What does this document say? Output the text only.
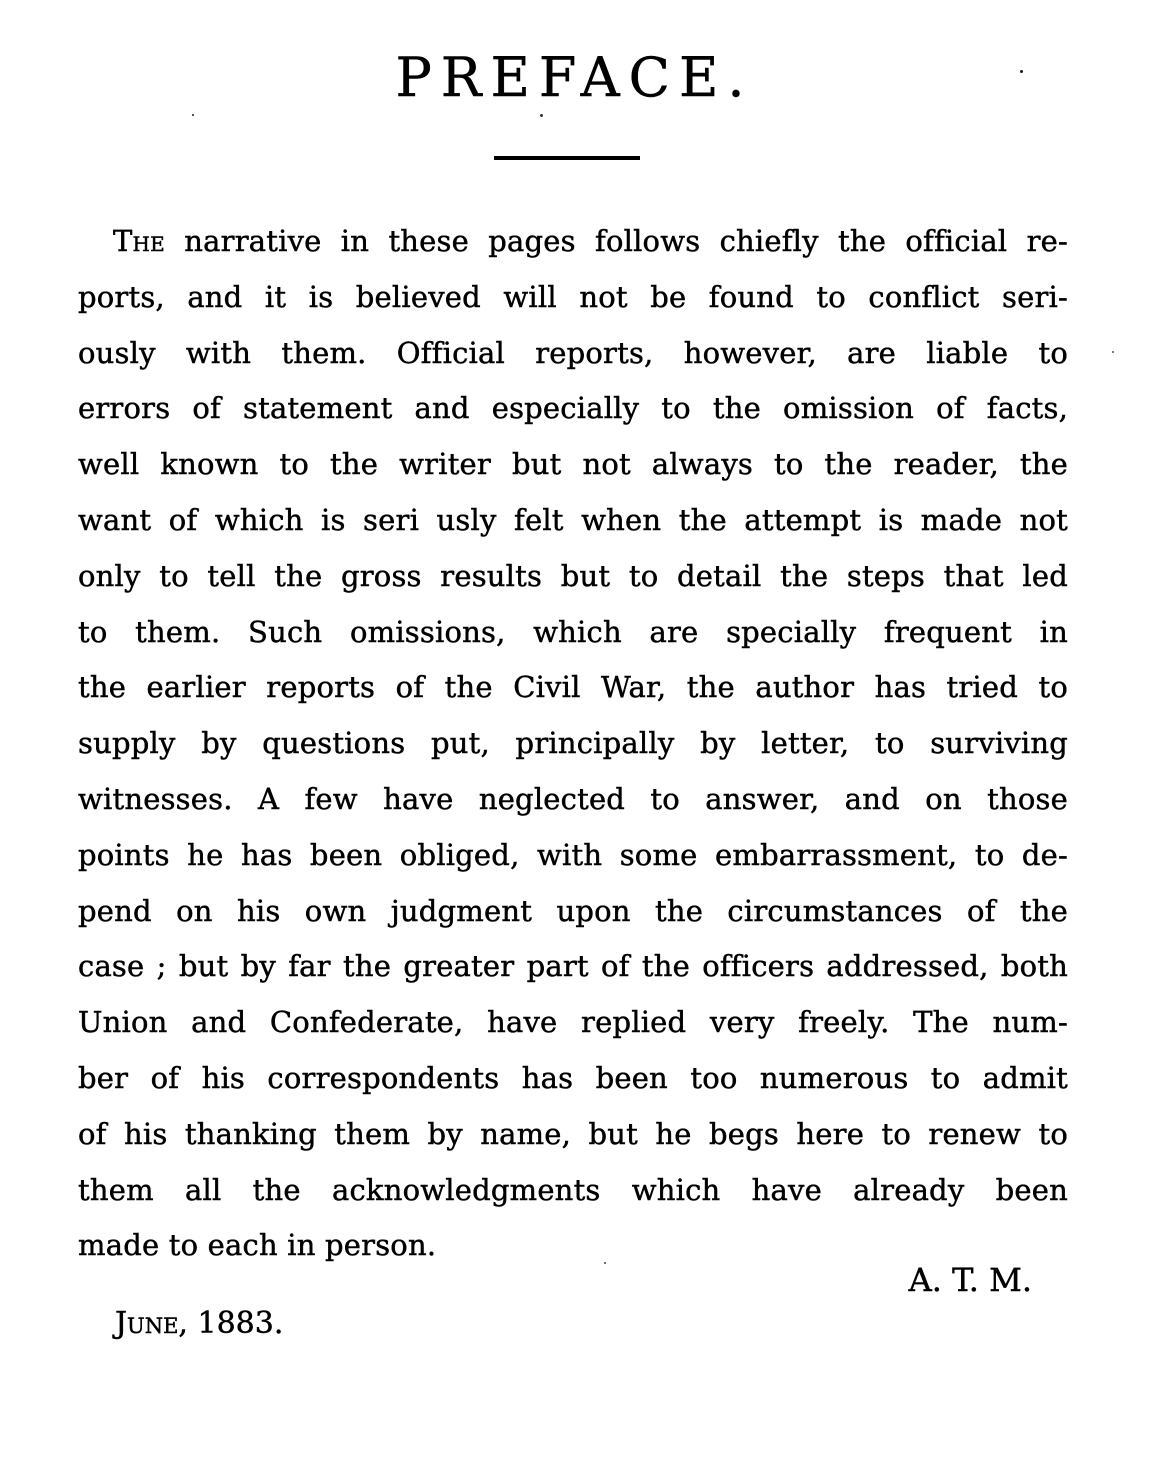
PREFACE.
The narrative in these pages follows chiefly the official re-
ports, and it is believed will not be found to conflict seri-
ously with them. Official reports, however, are liable to
errors of statement and especially to the omission of facts,
well known to the writer but not always to the reader, the
want of which is seri usly felt when the attempt is made not
only to tell the gross results but to detail the steps that led
to them. Such omissions, which are specially frequent in
the earlier reports of the Civil War, the author has tried to
supply by questions put, principally by letter, to surviving
witnesses. A few have neglected to answer, and on those
points he has been obliged, with some embarrassment, to de-
pend on his own judgment upon the circumstances of the
case ; but by far the greater part of the officers addressed, both
Union and Confederate, have replied very freely. The num-
ber of his correspondents has been too numerous to admit
of his thanking them by name, but he begs here to renew to
them all the acknowledgments which have already been
made to each in person.
A. T. M.
June, 1883.
